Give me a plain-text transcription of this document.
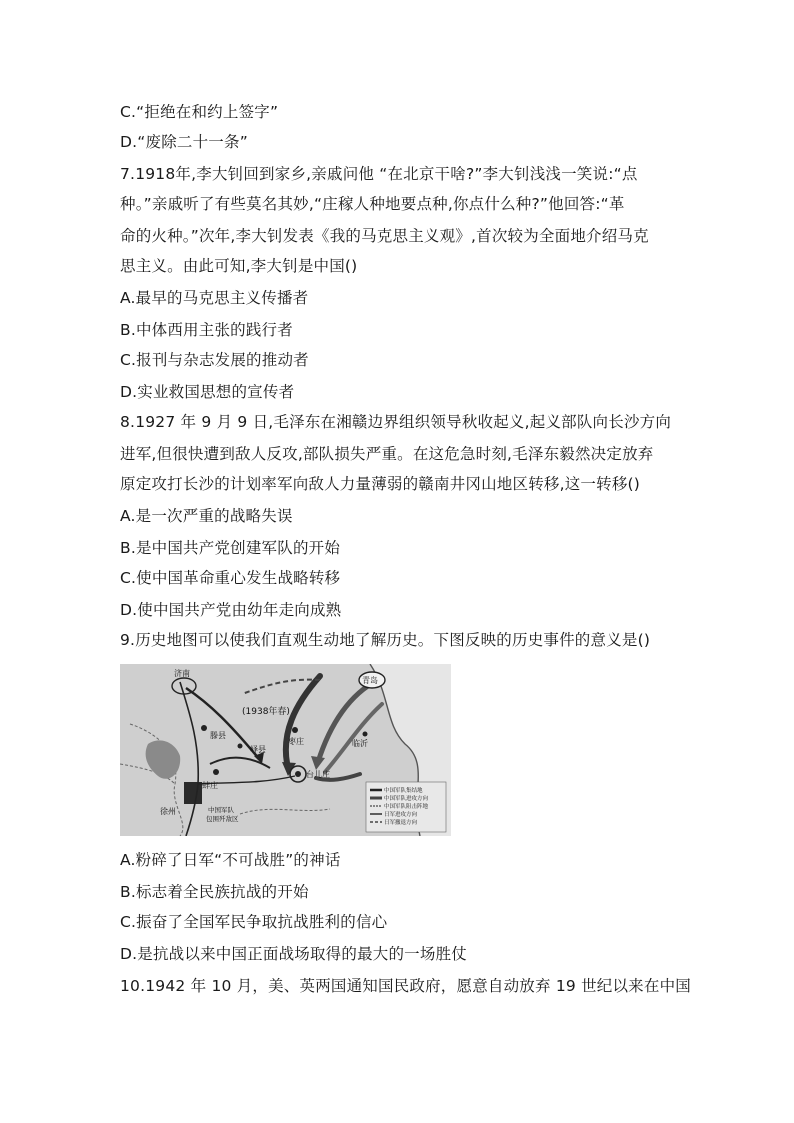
C.“拒绝在和约上签字”
D.“废除二十一条”
7.1918年,李大钊回到家乡,亲戚问他 “在北京干啥?”李大钊浅浅一笑说:“点
种。”亲戚听了有些莫名其妙,“庄稼人种地要点种,你点什么种?”他回答:“革
命的火种。”次年,李大钊发表《我的马克思主义观》,首次较为全面地介绍马克
思主义。由此可知,李大钊是中国()
A.最早的马克思主义传播者
B.中体西用主张的践行者
C.报刊与杂志发展的推动者
D.实业救国思想的宣传者
8.1927 年 9 月 9 日,毛泽东在湘赣边界组织领导秋收起义,起义部队向长沙方向
进军,但很快遭到敌人反攻,部队损失严重。在这危急时刻,毛泽东毅然决定放弃
原定攻打长沙的计划率军向敌人力量薄弱的赣南井冈山地区转移,这一转移()
A.是一次严重的战略失误
B.是中国共产党创建军队的开始
C.使中国革命重心发生战略转移
D.使中国共产党由幼年走向成熟
9.历史地图可以使我们直观生动地了解历史。下图反映的历史事件的意义是()
(1938年春)
济南
青岛
枣庄	临沂
滕县
峄县
蚌庄
台儿庄
徐州	中国军队
包围歼敌区
中国军队集结地
中国军队进攻方向
中国军队阻击阵地
日军进攻方向
日军撤退方向
A.粉碎了日军“不可战胜”的神话
B.标志着全民族抗战的开始
C.振奋了全国军民争取抗战胜利的信心
D.是抗战以来中国正面战场取得的最大的一场胜仗
10.1942 年 10 月，美、英两国通知国民政府，愿意自动放弃 19 世纪以来在中国
